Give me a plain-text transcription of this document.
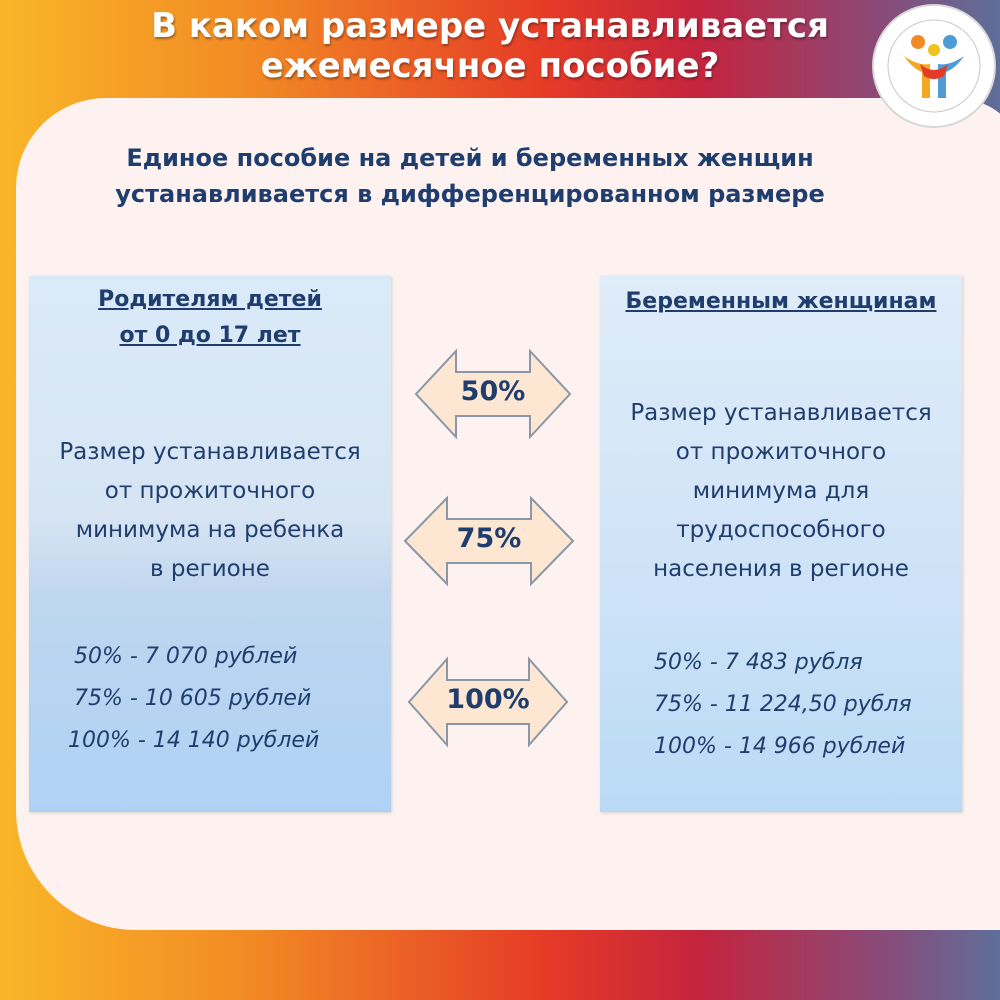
В каком размере устанавливается
ежемесячное пособие?
Единое пособие на детей и беременных женщин
устанавливается в дифференцированном размере
Родителям детей
от 0 до 17 лет
Размер устанавливается
от прожиточного
минимума на ребенка
в регионе
50% - 7 070 рублей
75% - 10 605 рублей
100% - 14 140 рублей
Беременным женщинам
Размер устанавливается
от прожиточного
минимума для
трудоспособного
населения в регионе
50% - 7 483 рубля
75% - 11 224,50 рубля
100% - 14 966 рублей
50%
75%
100%
